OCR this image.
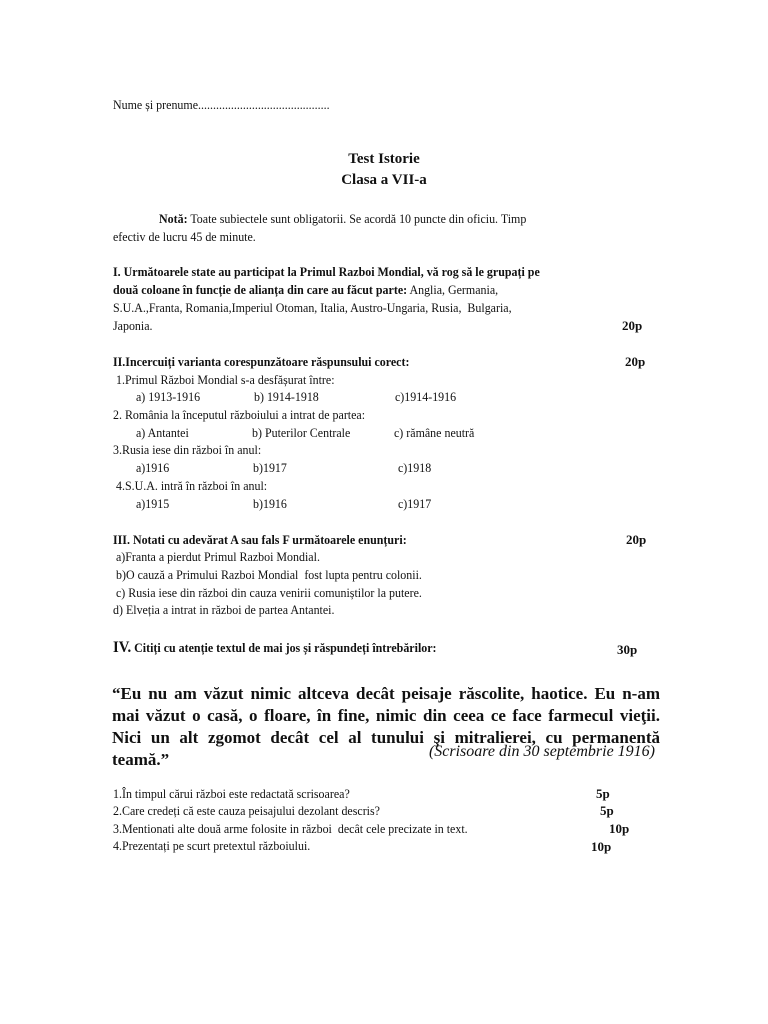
Nume și prenume............................................
Test Istorie
Clasa a VII-a
Notă: Toate subiectele sunt obligatorii. Se acordă 10 puncte din oficiu. Timp
efectiv de lucru 45 de minute.
I. Următoarele state au participat la Primul Razboi Mondial, vă rog să le grupați pe
două coloane în funcție de alianța din care au făcut parte: Anglia, Germania,
S.U.A.,Franta, Romania,Imperiul Otoman, Italia, Austro-Ungaria, Rusia,  Bulgaria,
Japonia.	20p
II.Incercuiți varianta corespunzătoare răspunsului corect:	20p
1.Primul Război Mondial s-a desfășurat între:
a) 1913-1916	b) 1914-1918	c)1914-1916
2. România la începutul războiului a intrat de partea:
a) Antantei	b) Puterilor Centrale	c) rămâne neutră
3.Rusia iese din război în anul:
a)1916	b)1917	c)1918
4.S.U.A. intră în război în anul:
a)1915	b)1916	c)1917
III. Notati cu adevărat A sau fals F următoarele enunțuri:	20p
a)Franta a pierdut Primul Razboi Mondial.
b)O cauză a Primului Razboi Mondial  fost lupta pentru colonii.
c) Rusia iese din război din cauza venirii comuniștilor la putere.
d) Elveția a intrat in război de partea Antantei.
IV. Citiți cu atenție textul de mai jos și răspundeți întrebărilor:	30p
“Eu nu am văzut nimic altceva decât peisaje răscolite, haotice. Eu n-am mai văzut o casă, o floare, în fine, nimic din ceea ce face farmecul vieţii. Nici un alt zgomot decât cel al tunului şi mitralierei, cu permanentă teamă.”	(Scrisoare din 30 septembrie 1916)
1.În timpul cărui război este redactată scrisoarea?	5p
2.Care credeți că este cauza peisajului dezolant descris?	5p
3.Mentionati alte două arme folosite in război  decât cele precizate in text.	10p
4.Prezentați pe scurt pretextul războiului.	10p
